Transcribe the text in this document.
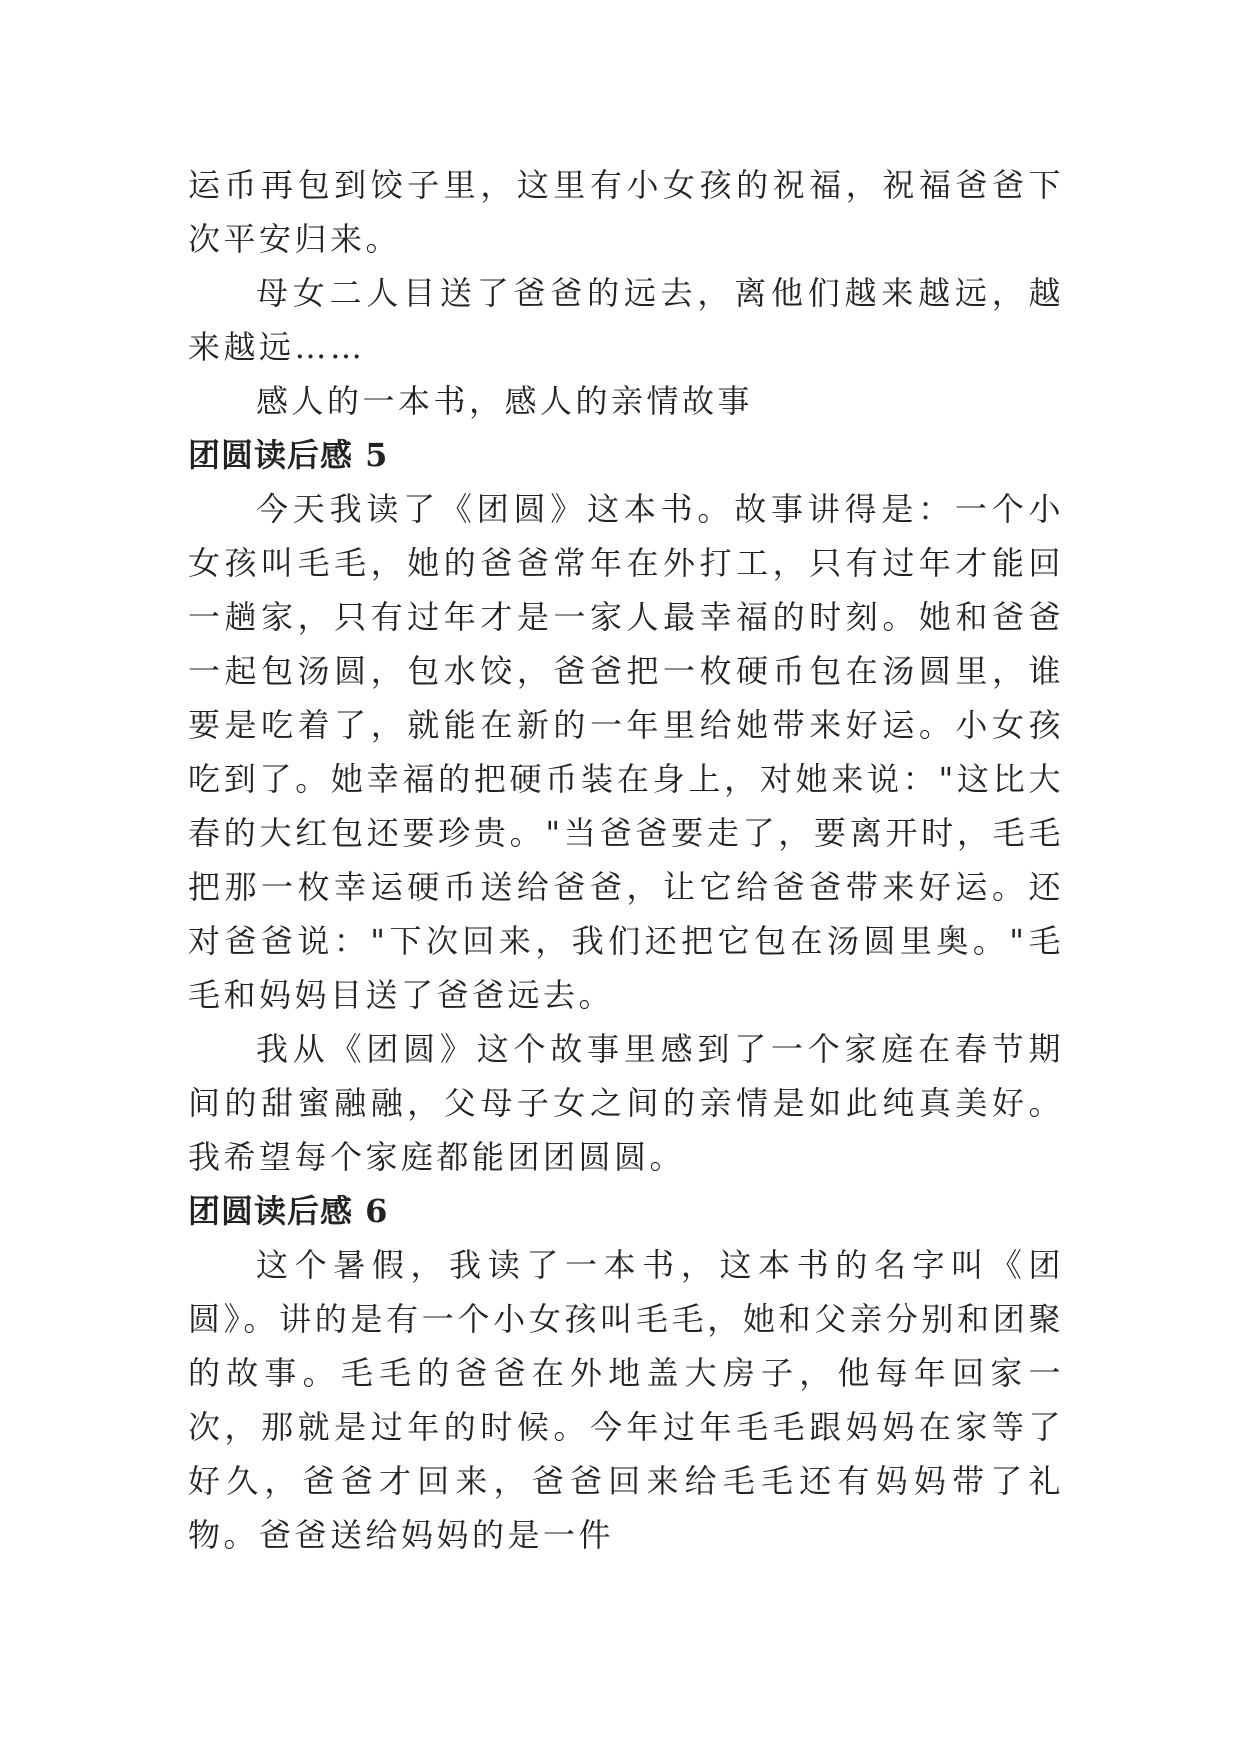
运币再包到饺子里，这里有小女孩的祝福，祝福爸爸下次平安归来。

母女二人目送了爸爸的远去，离他们越来越远，越来越远……

感人的一本书，感人的亲情故事

团圆读后感 5

今天我读了《团圆》这本书。故事讲得是：一个小女孩叫毛毛，她的爸爸常年在外打工，只有过年才能回一趟家，只有过年才是一家人最幸福的时刻。她和爸爸一起包汤圆，包水饺，爸爸把一枚硬币包在汤圆里，谁要是吃着了，就能在新的一年里给她带来好运。小女孩吃到了。她幸福的把硬币装在身上，对她来说："这比大春的大红包还要珍贵。"当爸爸要走了，要离开时，毛毛把那一枚幸运硬币送给爸爸，让它给爸爸带来好运。还对爸爸说："下次回来，我们还把它包在汤圆里奥。"毛毛和妈妈目送了爸爸远去。

我从《团圆》这个故事里感到了一个家庭在春节期间的甜蜜融融，父母子女之间的亲情是如此纯真美好。我希望每个家庭都能团团圆圆。

团圆读后感 6

这个暑假，我读了一本书，这本书的名字叫《团圆》。讲的是有一个小女孩叫毛毛，她和父亲分别和团聚的故事。毛毛的爸爸在外地盖大房子，他每年回家一次，那就是过年的时候。今年过年毛毛跟妈妈在家等了好久，爸爸才回来，爸爸回来给毛毛还有妈妈带了礼物。爸爸送给妈妈的是一件
